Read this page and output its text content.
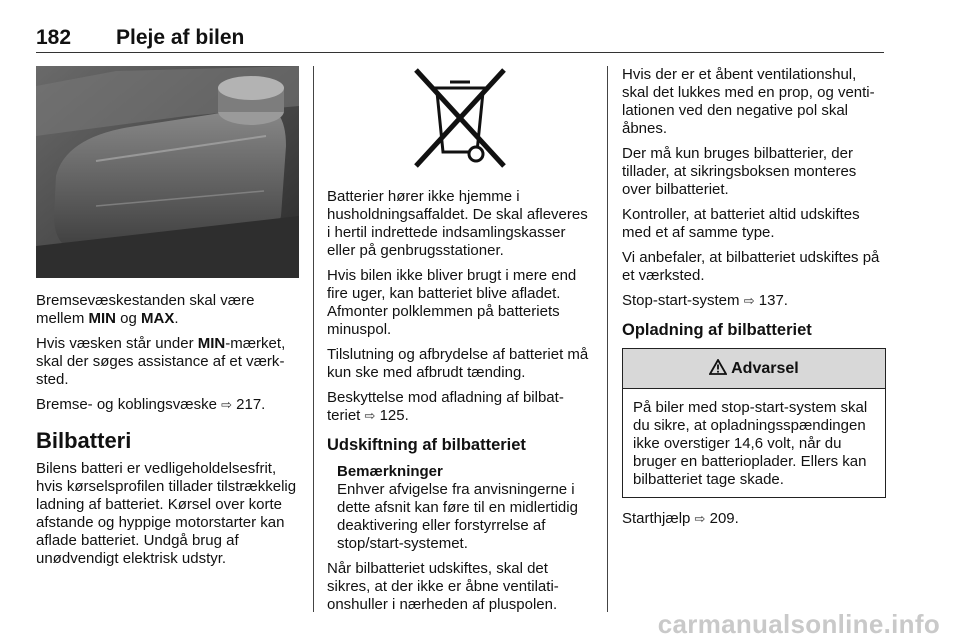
182 Pleje af bilen

Bremsevæskestanden skal være mellem MIN og MAX.

Hvis væsken står under MIN-mærket, skal der søges assistance af et værksted.

Bremse- og koblingsvæske ⇨ 217.

Bilbatteri

Bilens batteri er vedligeholdelsesfrit, hvis kørselsprofilen tillader tilstrækkelig ladning af batteriet. Kørsel over korte afstande og hyppige motorstarter kan aflade batteriet. Undgå brug af unødvendigt elektrisk udstyr.

Batterier hører ikke hjemme i husholdningsaffaldet. De skal afleveres i hertil indrettede indsamlingskasser eller på genbrugsstationer.

Hvis bilen ikke bliver brugt i mere end fire uger, kan batteriet blive afladet. Afmonter polklemmen på batteriets minuspol.

Tilslutning og afbrydelse af batteriet må kun ske med afbrudt tænding.

Beskyttelse mod afladning af bilbatteriet ⇨ 125.

Udskiftning af bilbatteriet
Bemærkninger
Enhver afvigelse fra anvisningerne i dette afsnit kan føre til en midlertidig deaktivering eller forstyrrelse af stop/start-systemet.

Når bilbatteriet udskiftes, skal det sikres, at der ikke er åbne ventilationshuller i nærheden af pluspolen.

Hvis der er et åbent ventilationshul, skal det lukkes med en prop, og ventilationen ved den negative pol skal åbnes.

Der må kun bruges bilbatterier, der tillader, at sikringsboksen monteres over bilbatteriet.

Kontroller, at batteriet altid udskiftes med et af samme type.

Vi anbefaler, at bilbatteriet udskiftes på et værksted.

Stop-start-system ⇨ 137.

Opladning af bilbatteriet
Advarsel
På biler med stop-start-system skal du sikre, at opladningsspændingen ikke overstiger 14,6 volt, når du bruger en batterioplader. Ellers kan bilbatteriet tage skade.

Starthjælp ⇨ 209.

carmanualsonline.info
